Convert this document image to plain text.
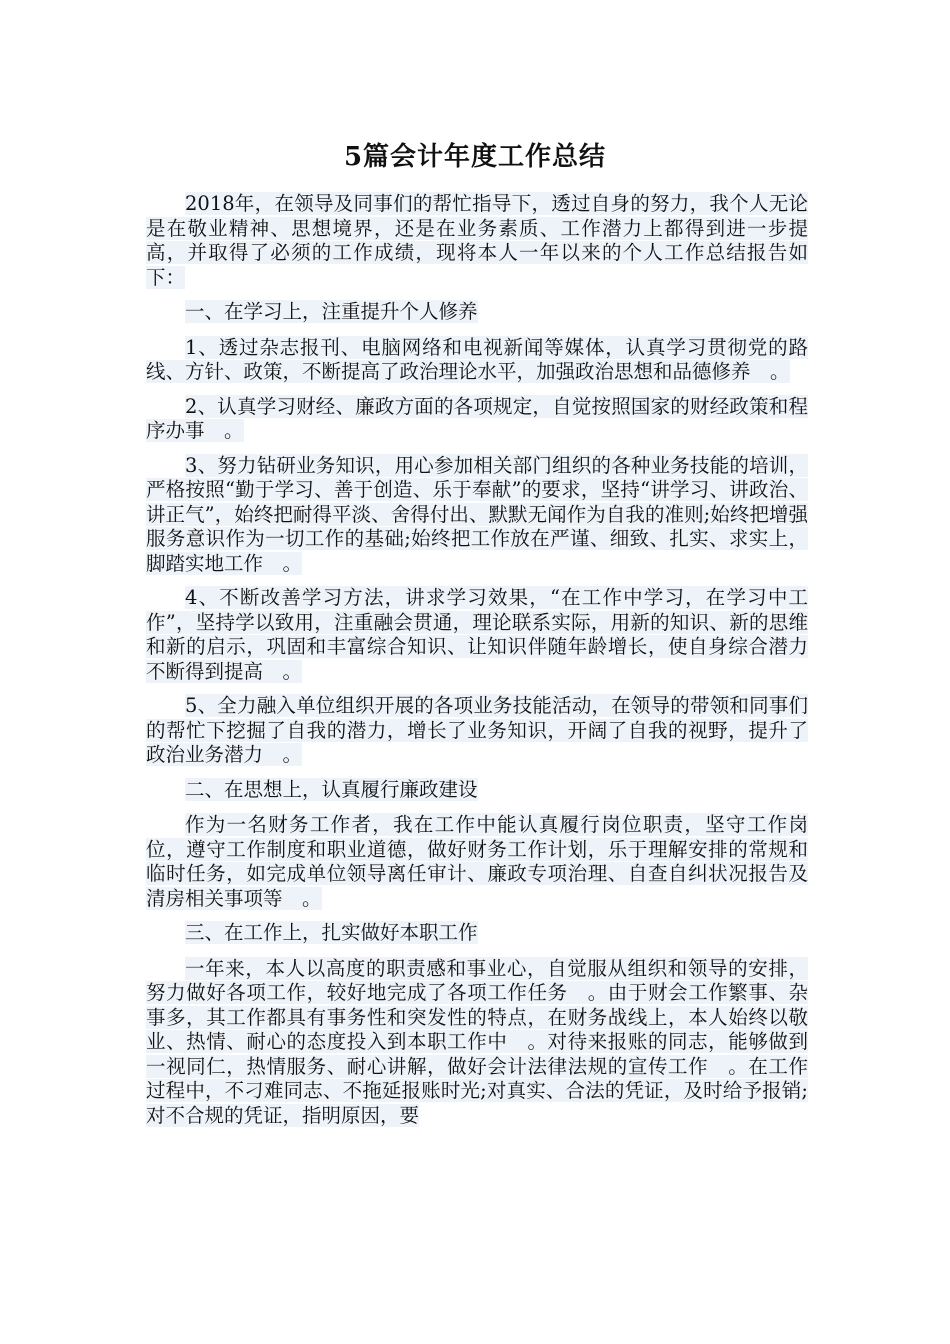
5篇会计年度工作总结

2018年，在领导及同事们的帮忙指导下，透过自身的努力，我个人无论是在敬业精神、思想境界，还是在业务素质、工作潜力上都得到进一步提高，并取得了必须的工作成绩，现将本人一年以来的个人工作总结报告如下：

一、在学习上，注重提升个人修养

1、透过杂志报刊、电脑网络和电视新闻等媒体，认真学习贯彻党的路线、方针、政策，不断提高了政治理论水平，加强政治思想和品德修养　。

2、认真学习财经、廉政方面的各项规定，自觉按照国家的财经政策和程序办事　。

3、努力钻研业务知识，用心参加相关部门组织的各种业务技能的培训，严格按照“勤于学习、善于创造、乐于奉献”的要求，坚持“讲学习、讲政治、讲正气”，始终把耐得平淡、舍得付出、默默无闻作为自我的准则;始终把增强服务意识作为一切工作的基础;始终把工作放在严谨、细致、扎实、求实上，脚踏实地工作　。

4、不断改善学习方法，讲求学习效果，“在工作中学习，在学习中工作”，坚持学以致用，注重融会贯通，理论联系实际，用新的知识、新的思维和新的启示，巩固和丰富综合知识、让知识伴随年龄增长，使自身综合潜力不断得到提高　。

5、全力融入单位组织开展的各项业务技能活动，在领导的带领和同事们的帮忙下挖掘了自我的潜力，增长了业务知识，开阔了自我的视野，提升了政治业务潜力　。

二、在思想上，认真履行廉政建设

作为一名财务工作者，我在工作中能认真履行岗位职责，坚守工作岗位，遵守工作制度和职业道德，做好财务工作计划，乐于理解安排的常规和临时任务，如完成单位领导离任审计、廉政专项治理、自查自纠状况报告及清房相关事项等　。

三、在工作上，扎实做好本职工作

一年来，本人以高度的职责感和事业心，自觉服从组织和领导的安排，努力做好各项工作，较好地完成了各项工作任务　。由于财会工作繁事、杂事多，其工作都具有事务性和突发性的特点，在财务战线上，本人始终以敬业、热情、耐心的态度投入到本职工作中　。对待来报账的同志，能够做到一视同仁，热情服务、耐心讲解，做好会计法律法规的宣传工作　。在工作过程中，不刁难同志、不拖延报账时光;对真实、合法的凭证，及时给予报销;对不合规的凭证，指明原因，要
